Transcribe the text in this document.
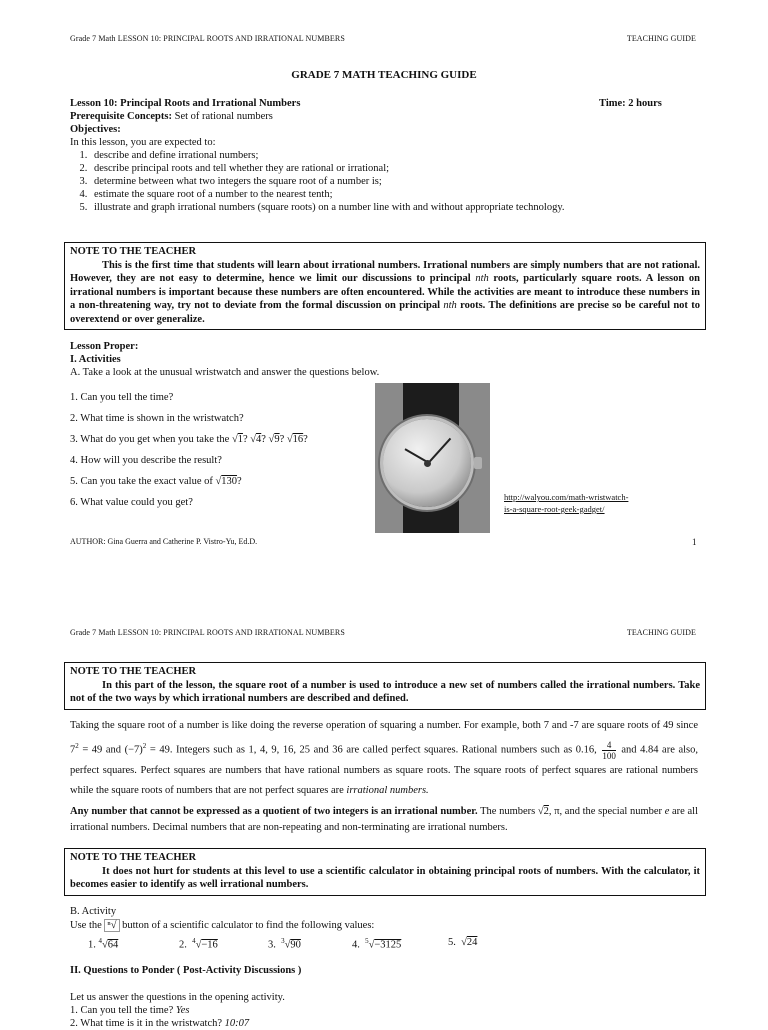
Grade 7 Math LESSON 10: PRINCIPAL ROOTS AND IRRATIONAL NUMBERS	TEACHING GUIDE
GRADE 7 MATH TEACHING GUIDE
Lesson 10: Principal Roots and Irrational Numbers	Time: 2 hours
Prerequisite Concepts: Set of rational numbers
Objectives:
In this lesson, you are expected to:
1. describe and define irrational numbers;
2. describe principal roots and tell whether they are rational or irrational;
3. determine between what two integers the square root of a number is;
4. estimate the square root of a number to the nearest tenth;
5. illustrate and graph irrational numbers (square roots) on a number line with and without appropriate technology.
NOTE TO THE TEACHER
This is the first time that students will learn about irrational numbers. Irrational numbers are simply numbers that are not rational. However, they are not easy to determine, hence we limit our discussions to principal nth roots, particularly square roots. A lesson on irrational numbers is important because these numbers are often encountered. While the activities are meant to introduce these numbers in a non-threatening way, try not to deviate from the formal discussion on principal nth roots. The definitions are precise so be careful not to overextend or over generalize.
Lesson Proper:
I. Activities
A. Take a look at the unusual wristwatch and answer the questions below.
1. Can you tell the time?
2. What time is shown in the wristwatch?
3. What do you get when you take the √1? √4? √9? √16?
4. How will you describe the result?
5. Can you take the exact value of √130?
6. What value could you get?	http://walyou.com/math-wristwatch-
is-a-square-root-geek-gadget/
AUTHOR: Gina Guerra and Catherine P. Vistro-Yu, Ed.D.	1
Grade 7 Math LESSON 10: PRINCIPAL ROOTS AND IRRATIONAL NUMBERS	TEACHING GUIDE
NOTE TO THE TEACHER
In this part of the lesson, the square root of a number is used to introduce a new set of numbers called the irrational numbers. Take not of the two ways by which irrational numbers are described and defined.
Taking the square root of a number is like doing the reverse operation of squaring a number. For example, both 7 and -7 are square roots of 49 since $7^2 = 49$ and $(-7)^2 = 49$. Integers such as 1, 4, 9, 16, 25 and 36 are called perfect squares. Rational numbers such as 0.16, $\frac{4}{100}$ and 4.84 are also, perfect squares. Perfect squares are numbers that have rational numbers as square roots. The square roots of perfect squares are rational numbers while the square roots of numbers that are not perfect squares are irrational numbers.
Any number that cannot be expressed as a quotient of two integers is an irrational number. The numbers √2, π, and the special number e are all irrational numbers. Decimal numbers that are non-repeating and non-terminating are irrational numbers.
NOTE TO THE TEACHER
It does not hurt for students at this level to use a scientific calculator in obtaining principal roots of numbers. With the calculator, it becomes easier to identify as well irrational numbers.
B. Activity
Use the ⁿ√ button of a scientific calculator to find the following values:
1. $^4$√64	2. $^4$√−16	3. $^3$√90	4. $^5$√−3125	5.  √24
II. Questions to Ponder ( Post-Activity Discussions )
Let us answer the questions in the opening activity.
1. Can you tell the time? Yes
2. What time is it in the wristwatch? 10:07
